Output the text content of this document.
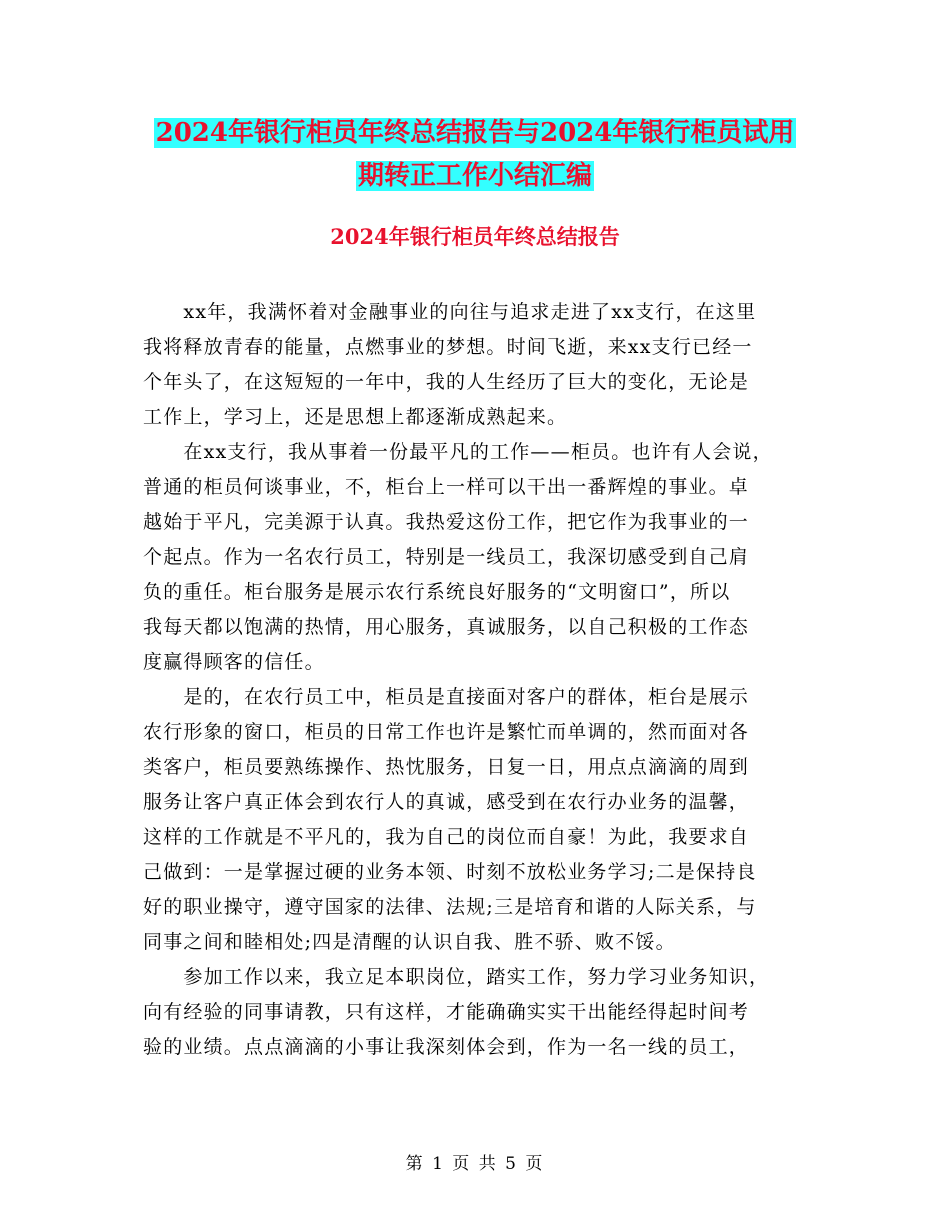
2024年银行柜员年终总结报告与2024年银行柜员试用
期转正工作小结汇编
2024年银行柜员年终总结报告
　　xx年，我满怀着对金融事业的向往与追求走进了xx支行，在这里
我将释放青春的能量，点燃事业的梦想。时间飞逝，来xx支行已经一
个年头了，在这短短的一年中，我的人生经历了巨大的变化，无论是
工作上，学习上，还是思想上都逐渐成熟起来。
　　在xx支行，我从事着一份最平凡的工作——柜员。也许有人会说，
普通的柜员何谈事业，不，柜台上一样可以干出一番辉煌的事业。卓
越始于平凡，完美源于认真。我热爱这份工作，把它作为我事业的一
个起点。作为一名农行员工，特别是一线员工，我深切感受到自己肩
负的重任。柜台服务是展示农行系统良好服务的“文明窗口”，所以
我每天都以饱满的热情，用心服务，真诚服务，以自己积极的工作态
度赢得顾客的信任。
　　是的，在农行员工中，柜员是直接面对客户的群体，柜台是展示
农行形象的窗口，柜员的日常工作也许是繁忙而单调的，然而面对各
类客户，柜员要熟练操作、热忱服务，日复一日，用点点滴滴的周到
服务让客户真正体会到农行人的真诚，感受到在农行办业务的温馨，
这样的工作就是不平凡的，我为自己的岗位而自豪！为此，我要求自
己做到：一是掌握过硬的业务本领、时刻不放松业务学习;二是保持良
好的职业操守，遵守国家的法律、法规;三是培育和谐的人际关系，与
同事之间和睦相处;四是清醒的认识自我、胜不骄、败不馁。
　　参加工作以来，我立足本职岗位，踏实工作，努力学习业务知识，
向有经验的同事请教，只有这样，才能确确实实干出能经得起时间考
验的业绩。点点滴滴的小事让我深刻体会到，作为一名一线的员工，
第 1 页 共 5 页
